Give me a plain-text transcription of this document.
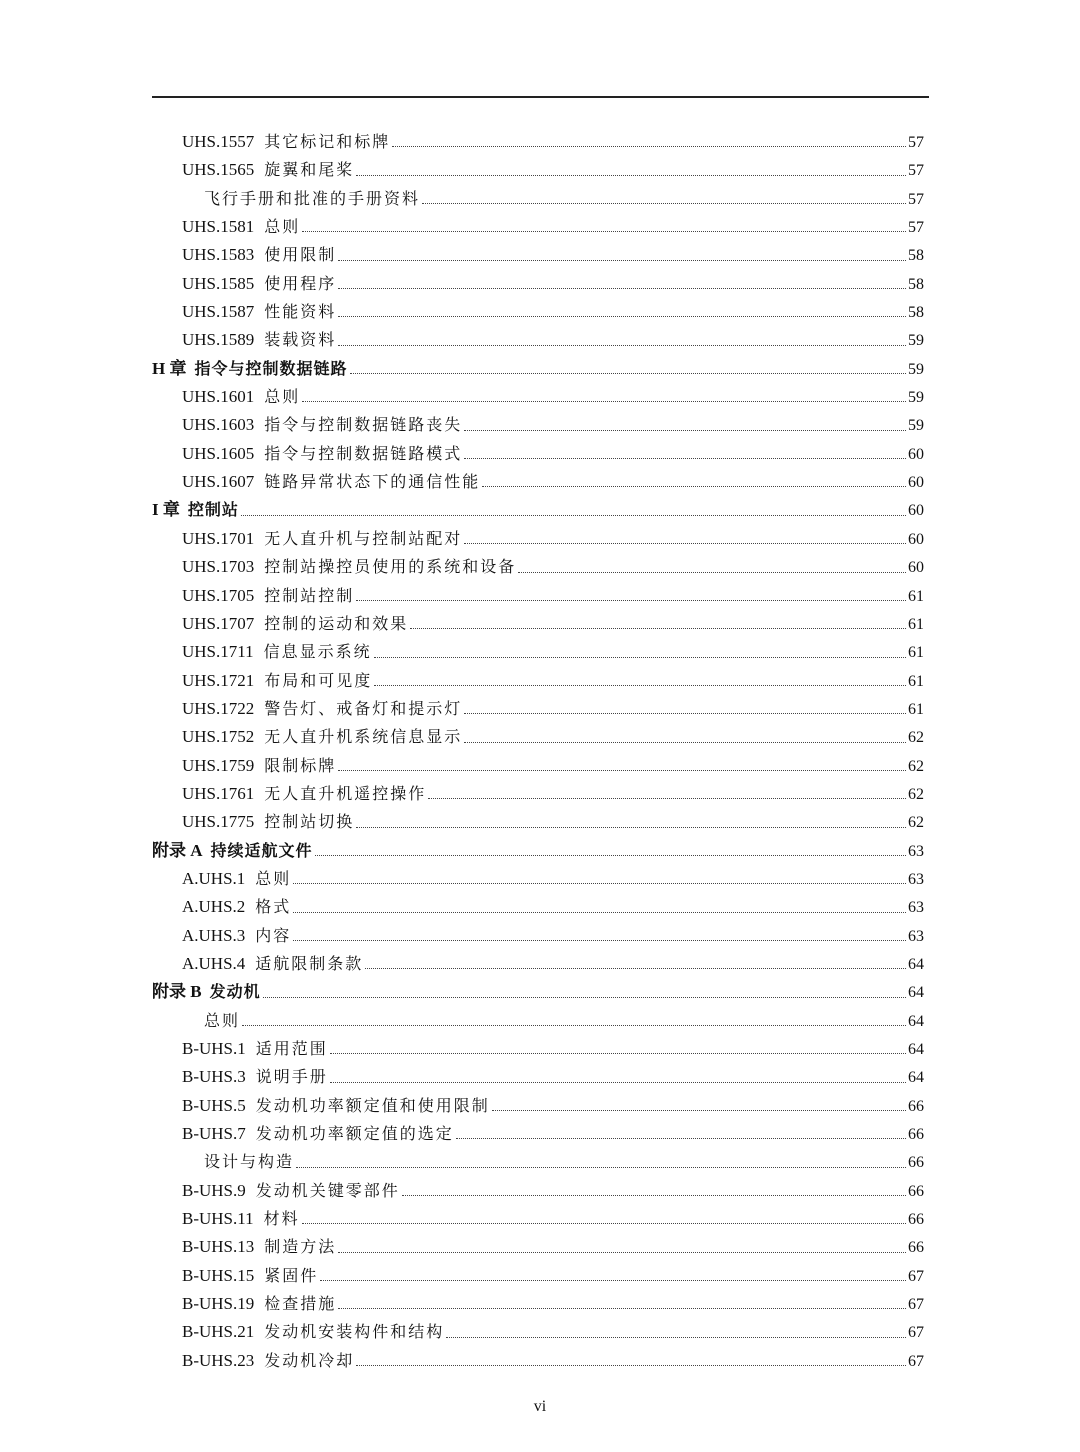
UHS.1557 其它标记和标牌	57
UHS.1565 旋翼和尾桨	57
飞行手册和批准的手册资料	57
UHS.1581 总则	57
UHS.1583 使用限制	58
UHS.1585 使用程序	58
UHS.1587 性能资料	58
UHS.1589 装载资料	59
H 章 指令与控制数据链路	59
UHS.1601 总则	59
UHS.1603 指令与控制数据链路丧失	59
UHS.1605 指令与控制数据链路模式	60
UHS.1607 链路异常状态下的通信性能	60
I 章 控制站	60
UHS.1701 无人直升机与控制站配对	60
UHS.1703 控制站操控员使用的系统和设备	60
UHS.1705 控制站控制	61
UHS.1707 控制的运动和效果	61
UHS.1711 信息显示系统	61
UHS.1721 布局和可见度	61
UHS.1722 警告灯、戒备灯和提示灯	61
UHS.1752 无人直升机系统信息显示	62
UHS.1759 限制标牌	62
UHS.1761 无人直升机遥控操作	62
UHS.1775 控制站切换	62
附录 A 持续适航文件	63
A.UHS.1 总则	63
A.UHS.2 格式	63
A.UHS.3 内容	63
A.UHS.4 适航限制条款	64
附录 B 发动机	64
总则	64
B-UHS.1 适用范围	64
B-UHS.3 说明手册	64
B-UHS.5 发动机功率额定值和使用限制	66
B-UHS.7 发动机功率额定值的选定	66
设计与构造	66
B-UHS.9 发动机关键零部件	66
B-UHS.11 材料	66
B-UHS.13 制造方法	66
B-UHS.15 紧固件	67
B-UHS.19 检查措施	67
B-UHS.21 发动机安装构件和结构	67
B-UHS.23 发动机冷却	67
vi
